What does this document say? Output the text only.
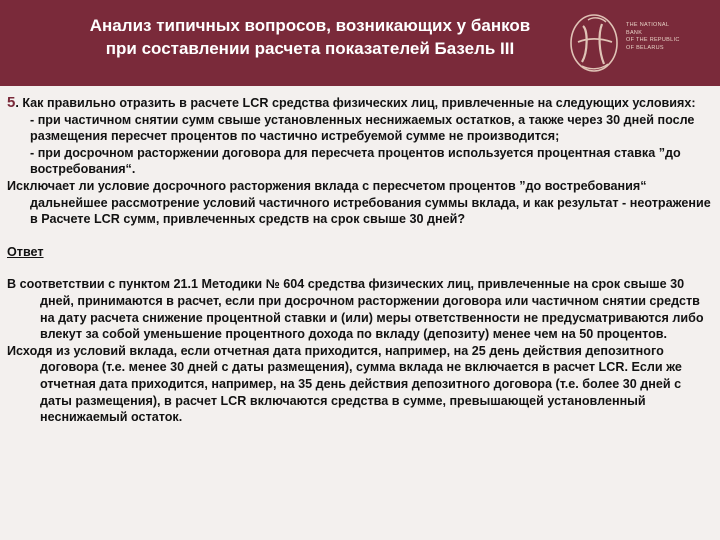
Анализ типичных вопросов, возникающих у банков
при составлении расчета показателей Базель III
THE NATIONAL
BANK
OF THE REPUBLIC
OF BELARUS

5. Как правильно отразить в расчете LCR средства физических лиц, привлеченные на следующих условиях:

- при частичном снятии сумм свыше установленных неснижаемых остатков, а также через 30 дней после размещения пересчет процентов по частично истребуемой сумме не производится;

- при досрочном расторжении договора для пересчета процентов используется процентная ставка ”до востребования“.

Исключает ли условие досрочного расторжения вклада с пересчетом процентов ”до востребования“ дальнейшее рассмотрение условий частичного истребования суммы вклада, и как результат - неотражение в Расчете LCR сумм, привлеченных средств на срок свыше 30 дней?

Ответ

В соответствии с пунктом 21.1 Методики № 604 средства физических лиц, привлеченные на срок свыше 30 дней, принимаются в расчет, если при досрочном расторжении договора или частичном снятии средств на дату расчета снижение процентной ставки и (или) меры ответственности не предусматриваются либо влекут за собой уменьшение процентного дохода по вкладу (депозиту) менее чем на 50 процентов.

Исходя из условий вклада, если отчетная дата приходится, например, на 25 день действия депозитного договора (т.е. менее 30 дней с даты размещения), сумма вклада не включается в расчет LCR. Если же отчетная дата приходится, например, на 35 день действия депозитного договора (т.е. более 30 дней с даты размещения), в расчет LCR включаются средства в сумме, превышающей установленный неснижаемый остаток.
